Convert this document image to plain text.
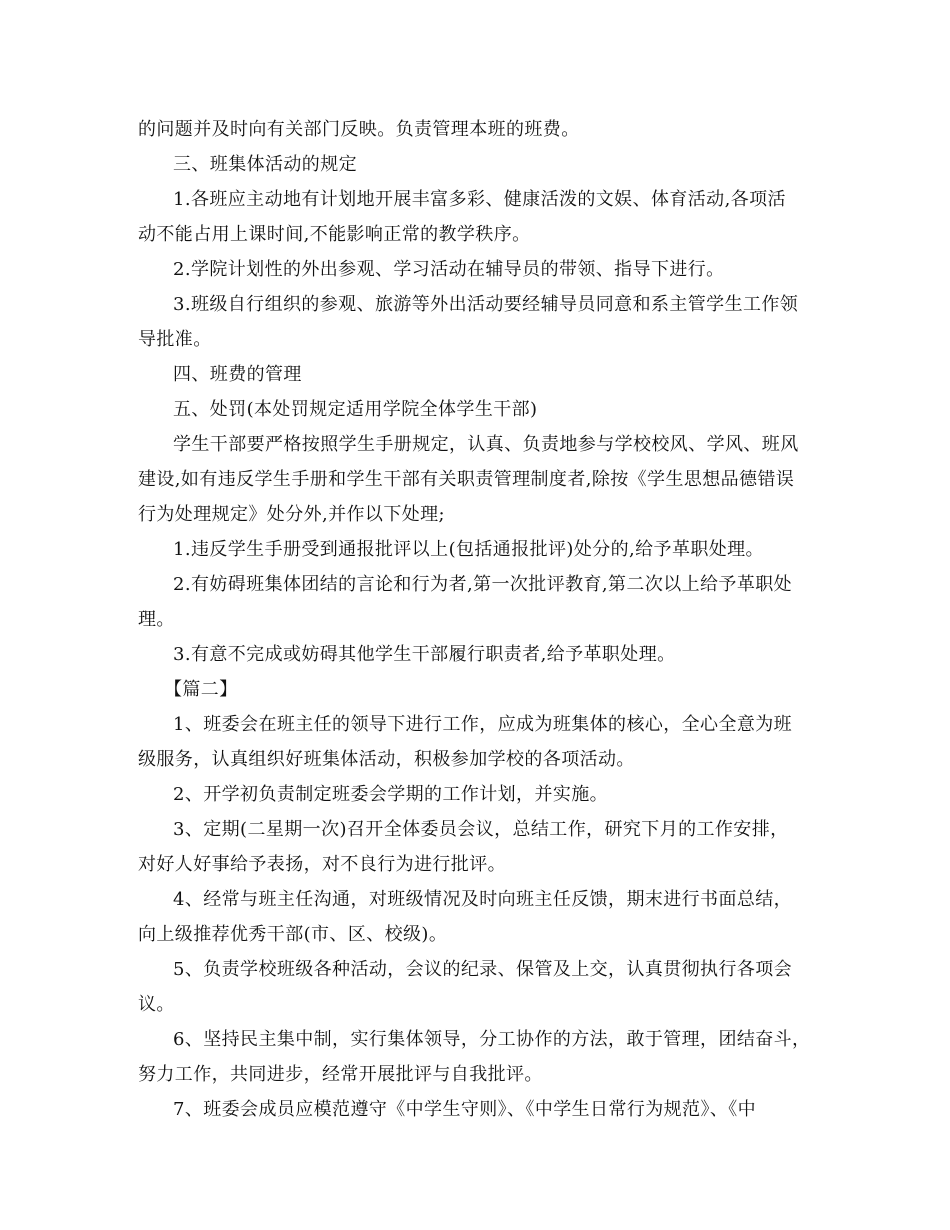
的问题并及时向有关部门反映。负责管理本班的班费。
三、班集体活动的规定
1.各班应主动地有计划地开展丰富多彩、健康活泼的文娱、体育活动,各项活
动不能占用上课时间,不能影响正常的教学秩序。
2.学院计划性的外出参观、学习活动在辅导员的带领、指导下进行。
3.班级自行组织的参观、旅游等外出活动要经辅导员同意和系主管学生工作领
导批准。
四、班费的管理
五、处罚(本处罚规定适用学院全体学生干部)
学生干部要严格按照学生手册规定，认真、负责地参与学校校风、学风、班风
建设,如有违反学生手册和学生干部有关职责管理制度者,除按《学生思想品德错误
行为处理规定》处分外,并作以下处理;
1.违反学生手册受到通报批评以上(包括通报批评)处分的,给予革职处理。
2.有妨碍班集体团结的言论和行为者,第一次批评教育,第二次以上给予革职处
理。
3.有意不完成或妨碍其他学生干部履行职责者,给予革职处理。
【篇二】
1、班委会在班主任的领导下进行工作，应成为班集体的核心，全心全意为班
级服务，认真组织好班集体活动，积极参加学校的各项活动。
2、开学初负责制定班委会学期的工作计划，并实施。
3、定期(二星期一次)召开全体委员会议，总结工作，研究下月的工作安排，
对好人好事给予表扬，对不良行为进行批评。
4、经常与班主任沟通，对班级情况及时向班主任反馈，期末进行书面总结，
向上级推荐优秀干部(市、区、校级)。
5、负责学校班级各种活动，会议的纪录、保管及上交，认真贯彻执行各项会
议。
6、坚持民主集中制，实行集体领导，分工协作的方法，敢于管理，团结奋斗，
努力工作，共同进步，经常开展批评与自我批评。
7、班委会成员应模范遵守《中学生守则》、《中学生日常行为规范》、《中
